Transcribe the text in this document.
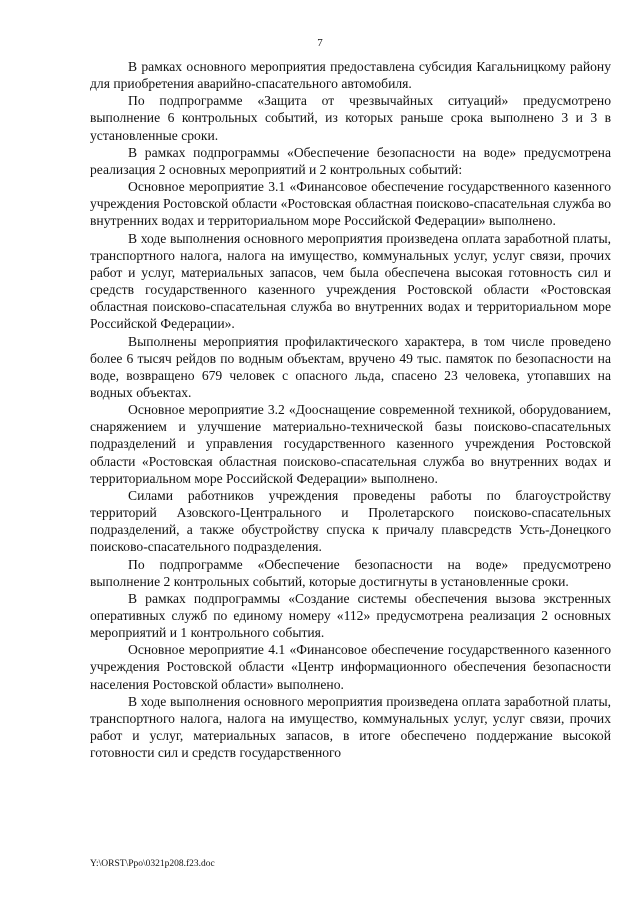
7

В рамках основного мероприятия предоставлена субсидия Кагальницкому району для приобретения аварийно-спасательного автомобиля.

По подпрограмме «Защита от чрезвычайных ситуаций» предусмотрено выполнение 6 контрольных событий, из которых раньше срока выполнено 3 и 3 в установленные сроки.

В рамках подпрограммы «Обеспечение безопасности на воде» предусмотрена реализация 2 основных мероприятий и 2 контрольных событий:

Основное мероприятие 3.1 «Финансовое обеспечение государственного казенного учреждения Ростовской области «Ростовская областная поисково-спасательная служба во внутренних водах и территориальном море Российской Федерации» выполнено.

В ходе выполнения основного мероприятия произведена оплата заработной платы, транспортного налога, налога на имущество, коммунальных услуг, услуг связи, прочих работ и услуг, материальных запасов, чем была обеспечена высокая готовность сил и средств государственного казенного учреждения Ростовской области «Ростовская областная поисково-спасательная служба во внутренних водах и территориальном море Российской Федерации».

Выполнены мероприятия профилактического характера, в том числе проведено более 6 тысяч рейдов по водным объектам, вручено 49 тыс. памяток по безопасности на воде, возвращено 679 человек с опасного льда, спасено 23 человека, утопавших на водных объектах.

Основное мероприятие 3.2 «Дооснащение современной техникой, оборудованием, снаряжением и улучшение материально-технической базы поисково-спасательных подразделений и управления государственного казенного учреждения Ростовской области «Ростовская областная поисково-спасательная служба во внутренних водах и территориальном море Российской Федерации» выполнено.

Силами работников учреждения проведены работы по благоустройству территорий Азовского-Центрального и Пролетарского поисково-спасательных подразделений, а также обустройству спуска к причалу плавсредств Усть-Донецкого поисково-спасательного подразделения.

По подпрограмме «Обеспечение безопасности на воде» предусмотрено выполнение 2 контрольных событий, которые достигнуты в установленные сроки.

В рамках подпрограммы «Создание системы обеспечения вызова экстренных оперативных служб по единому номеру «112» предусмотрена реализация 2 основных мероприятий и 1 контрольного события.

Основное мероприятие 4.1 «Финансовое обеспечение государственного казенного учреждения Ростовской области «Центр информационного обеспечения безопасности населения Ростовской области» выполнено.

В ходе выполнения основного мероприятия произведена оплата заработной платы, транспортного налога, налога на имущество, коммунальных услуг, услуг связи, прочих работ и услуг, материальных запасов, в итоге обеспечено поддержание высокой готовности сил и средств государственного

Y:\ORST\Ppo\0321p208.f23.doc
